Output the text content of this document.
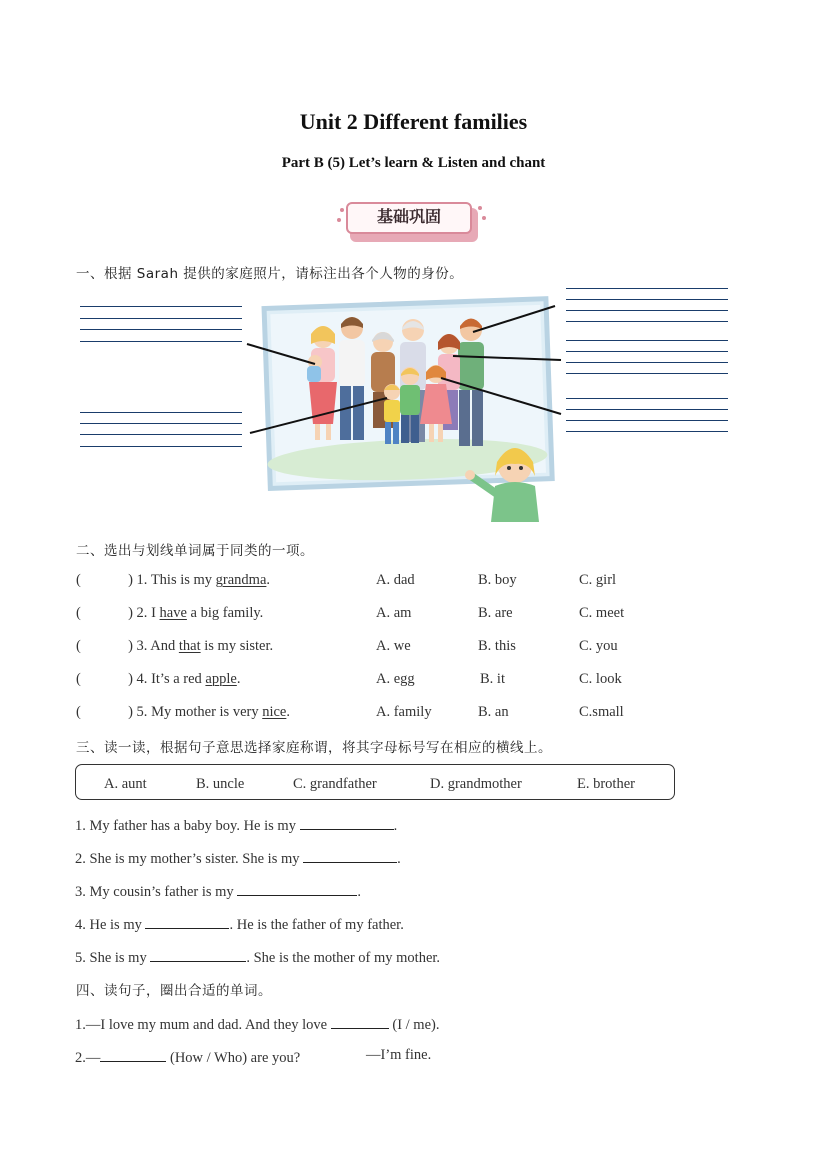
Unit 2 Different families
Part B (5) Let’s learn & Listen and chant
基础巩固
一、根据 Sarah 提供的家庭照片，请标注出各个人物的身份。
二、选出与划线单词属于同类的一项。
(	) 1. This is my grandma.	A. dad	B. boy	C. girl
(	) 2. I have a big family.	A. am	B. are	C. meet
(	) 3. And that is my sister.	A. we	B. this	C. you
(	) 4. It’s a red apple.	A. egg	B. it	C. look
(	) 5. My mother is very nice.	A. family	B. an	C.small
三、读一读，根据句子意思选择家庭称谓，将其字母标号写在相应的横线上。
A. aunt	B. uncle	C. grandfather	D. grandmother	E. brother
1. My father has a baby boy. He is my	.
2. She is my mother’s sister. She is my	.
3. My cousin’s father is my	.
4. He is my	. He is the father of my father.
5. She is my	. She is the mother of my mother.
四、读句子，圈出合适的单词。
1.—I love my mum and dad. And they love	(I / me).
2.—	(How / Who) are you?	—I’m fine.
